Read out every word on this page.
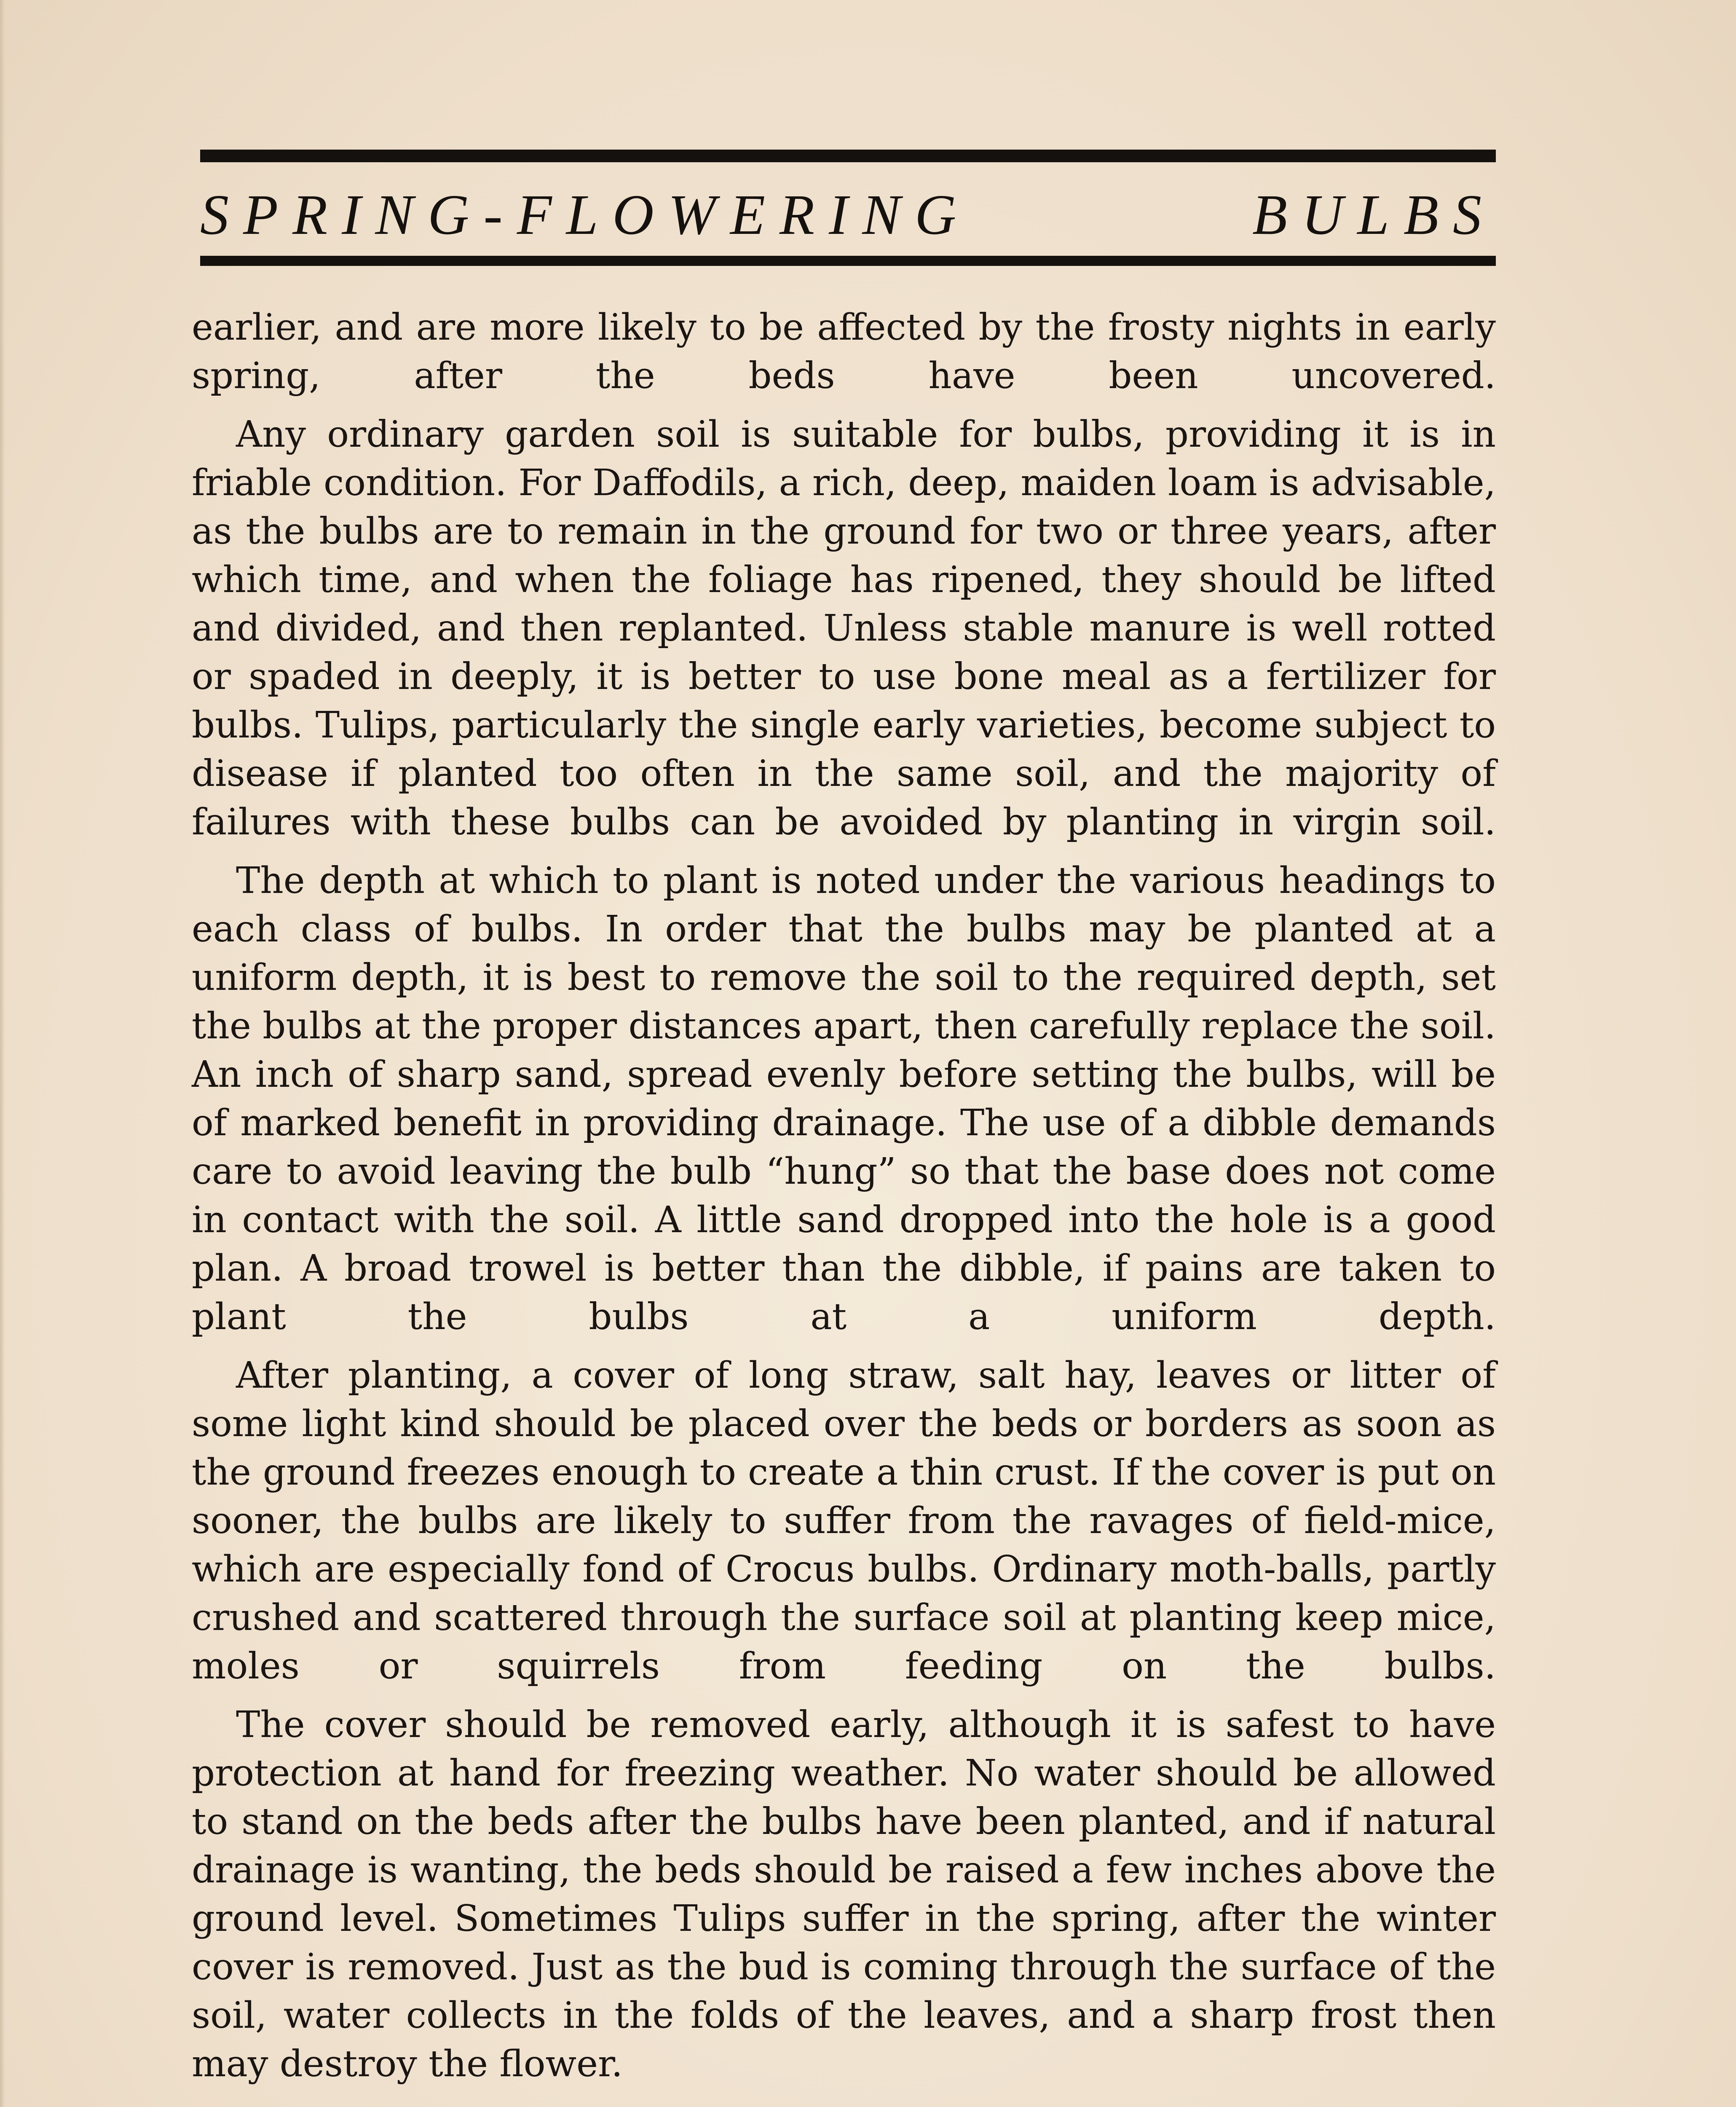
SPRING-FLOWERING BULBS

earlier, and are more likely to be affected by the frosty nights in early spring, after the beds have been uncovered.

Any ordinary garden soil is suitable for bulbs, providing it is in friable condition. For Daffodils, a rich, deep, maiden loam is advisable, as the bulbs are to remain in the ground for two or three years, after which time, and when the foliage has ripened, they should be lifted and divided, and then replanted. Unless stable manure is well rotted or spaded in deeply, it is better to use bone meal as a fertilizer for bulbs. Tulips, particularly the single early varieties, become subject to disease if planted too often in the same soil, and the majority of failures with these bulbs can be avoided by planting in virgin soil.

The depth at which to plant is noted under the various headings to each class of bulbs. In order that the bulbs may be planted at a uniform depth, it is best to remove the soil to the required depth, set the bulbs at the proper distances apart, then carefully replace the soil. An inch of sharp sand, spread evenly before setting the bulbs, will be of marked benefit in providing drainage. The use of a dibble demands care to avoid leaving the bulb “hung” so that the base does not come in contact with the soil. A little sand dropped into the hole is a good plan. A broad trowel is better than the dibble, if pains are taken to plant the bulbs at a uniform depth.

After planting, a cover of long straw, salt hay, leaves or litter of some light kind should be placed over the beds or borders as soon as the ground freezes enough to create a thin crust. If the cover is put on sooner, the bulbs are likely to suffer from the ravages of field-mice, which are especially fond of Crocus bulbs. Ordinary moth-balls, partly crushed and scattered through the surface soil at planting keep mice, moles or squirrels from feeding on the bulbs.

The cover should be removed early, although it is safest to have protection at hand for freezing weather. No water should be allowed to stand on the beds after the bulbs have been planted, and if natural drainage is wanting, the beds should be raised a few inches above the ground level. Sometimes Tulips suffer in the spring, after the winter cover is removed. Just as the bud is coming through the surface of the soil, water collects in the folds of the leaves, and a sharp frost then may destroy the flower.
